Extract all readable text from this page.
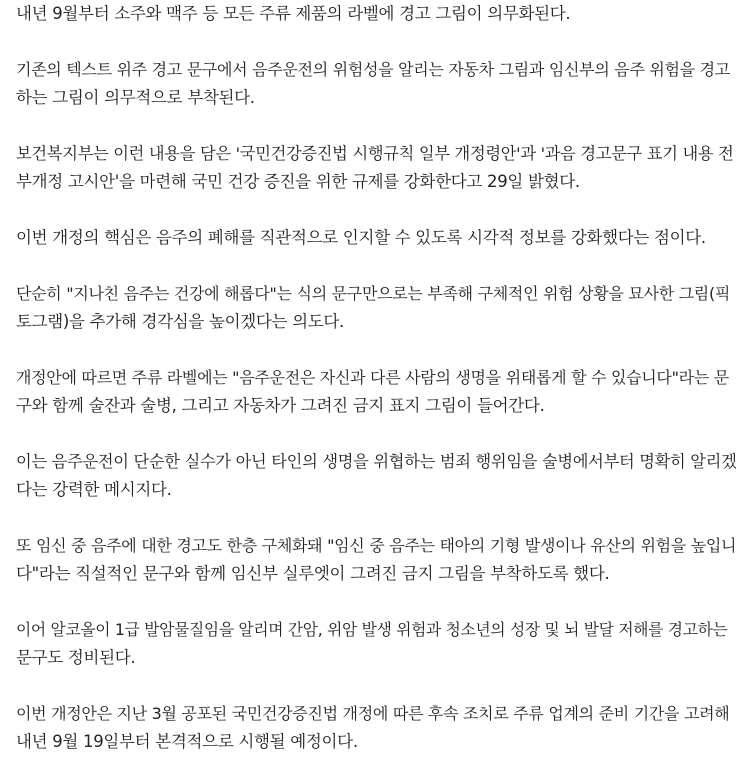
내년 9월부터 소주와 맥주 등 모든 주류 제품의 라벨에 경고 그림이 의무화된다.

기존의 텍스트 위주 경고 문구에서 음주운전의 위험성을 알리는 자동차 그림과 임신부의 음주 위험을 경고
하는 그림이 의무적으로 부착된다.

보건복지부는 이런 내용을 담은 '국민건강증진법 시행규칙 일부 개정령안'과 '과음 경고문구 표기 내용 전
부개정 고시안'을 마련해 국민 건강 증진을 위한 규제를 강화한다고 29일 밝혔다.

이번 개정의 핵심은 음주의 폐해를 직관적으로 인지할 수 있도록 시각적 정보를 강화했다는 점이다.

단순히 "지나친 음주는 건강에 해롭다"는 식의 문구만으로는 부족해 구체적인 위험 상황을 묘사한 그림(픽
토그램)을 추가해 경각심을 높이겠다는 의도다.

개정안에 따르면 주류 라벨에는 "음주운전은 자신과 다른 사람의 생명을 위태롭게 할 수 있습니다"라는 문
구와 함께 술잔과 술병, 그리고 자동차가 그려진 금지 표지 그림이 들어간다.

이는 음주운전이 단순한 실수가 아닌 타인의 생명을 위협하는 범죄 행위임을 술병에서부터 명확히 알리겠
다는 강력한 메시지다.

또 임신 중 음주에 대한 경고도 한층 구체화돼 "임신 중 음주는 태아의 기형 발생이나 유산의 위험을 높입니
다"라는 직설적인 문구와 함께 임신부 실루엣이 그려진 금지 그림을 부착하도록 했다.

이어 알코올이 1급 발암물질임을 알리며 간암, 위암 발생 위험과 청소년의 성장 및 뇌 발달 저해를 경고하는
문구도 정비된다.

이번 개정안은 지난 3월 공포된 국민건강증진법 개정에 따른 후속 조치로 주류 업계의 준비 기간을 고려해
내년 9월 19일부터 본격적으로 시행될 예정이다.
